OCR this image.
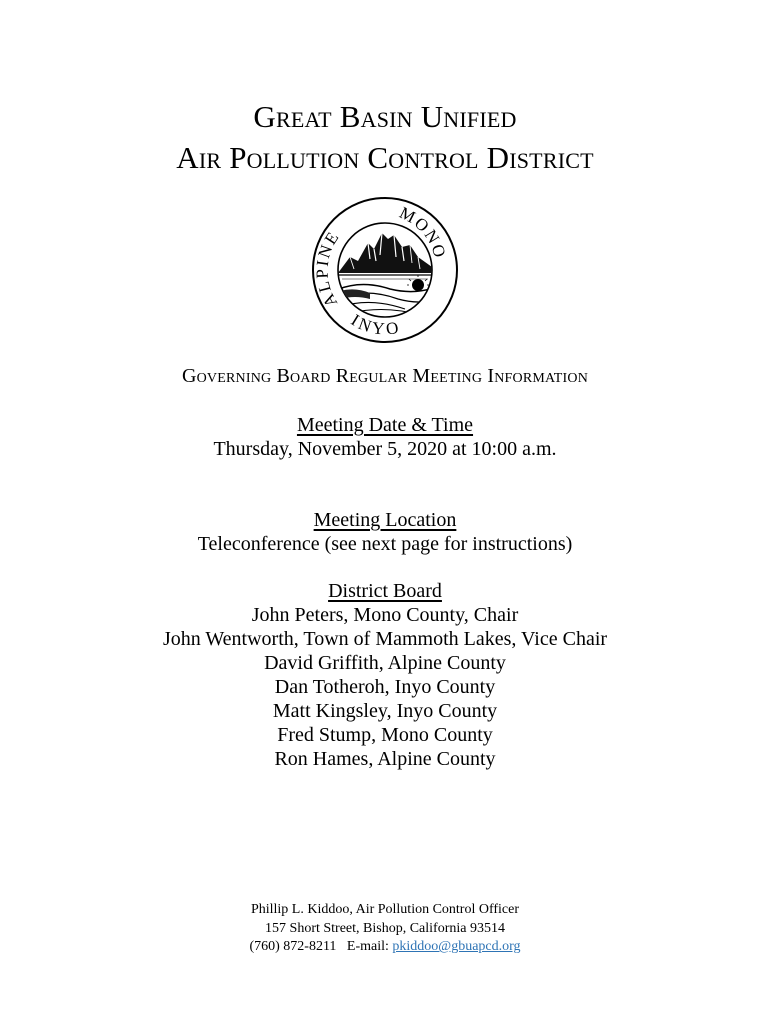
Great Basin Unified
Air Pollution Control District
ALPINE
MONO
INYO
Governing Board Regular Meeting Information
Meeting Date & Time
Thursday, November 5, 2020 at 10:00 a.m.
Meeting Location
Teleconference (see next page for instructions)
District Board
John Peters, Mono County, Chair
John Wentworth, Town of Mammoth Lakes, Vice Chair
David Griffith, Alpine County
Dan Totheroh, Inyo County
Matt Kingsley, Inyo County
Fred Stump, Mono County
Ron Hames, Alpine County
Phillip L. Kiddoo, Air Pollution Control Officer
157 Short Street, Bishop, California 93514
(760) 872-8211   E-mail: pkiddoo@gbuapcd.org
